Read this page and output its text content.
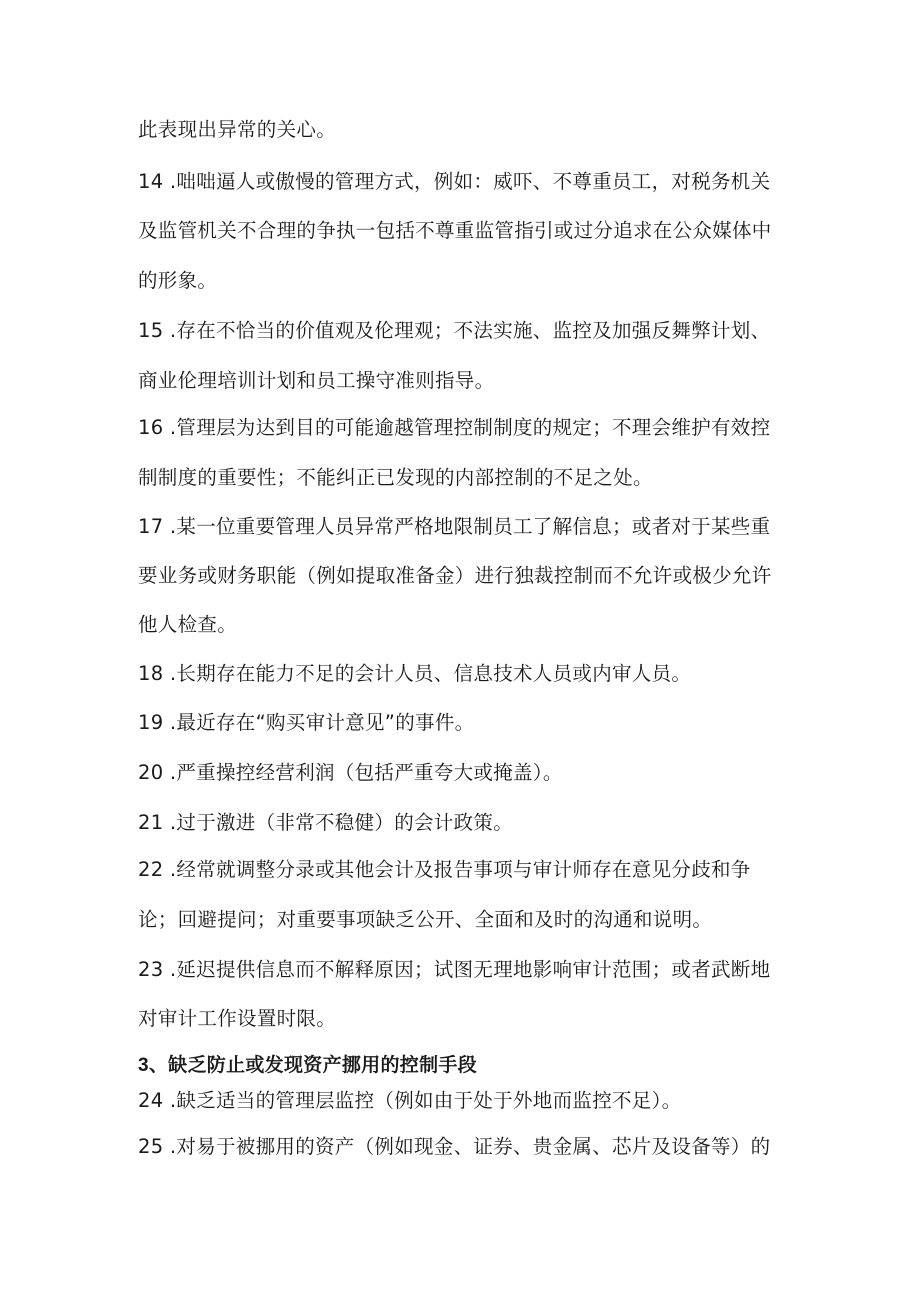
此表现出异常的关心。
14 .咄咄逼人或傲慢的管理方式，例如：威吓、不尊重员工，对税务机关
及监管机关不合理的争执一包括不尊重监管指引或过分追求在公众媒体中
的形象。
15 .存在不恰当的价值观及伦理观；不法实施、监控及加强反舞弊计划、
商业伦理培训计划和员工操守准则指导。
16 .管理层为达到目的可能逾越管理控制制度的规定；不理会维护有效控
制制度的重要性；不能纠正已发现的内部控制的不足之处。
17 .某一位重要管理人员异常严格地限制员工了解信息；或者对于某些重
要业务或财务职能（例如提取准备金）进行独裁控制而不允许或极少允许
他人检查。
18 .长期存在能力不足的会计人员、信息技术人员或内审人员。
19 .最近存在“购买审计意见”的事件。
20 .严重操控经营利润（包括严重夸大或掩盖）。
21 .过于激进（非常不稳健）的会计政策。
22 .经常就调整分录或其他会计及报告事项与审计师存在意见分歧和争
论；回避提问；对重要事项缺乏公开、全面和及时的沟通和说明。
23 .延迟提供信息而不解释原因；试图无理地影响审计范围；或者武断地
对审计工作设置时限。
3、缺乏防止或发现资产挪用的控制手段
24 .缺乏适当的管理层监控（例如由于处于外地而监控不足）。
25 .对易于被挪用的资产（例如现金、证券、贵金属、芯片及设备等）的
